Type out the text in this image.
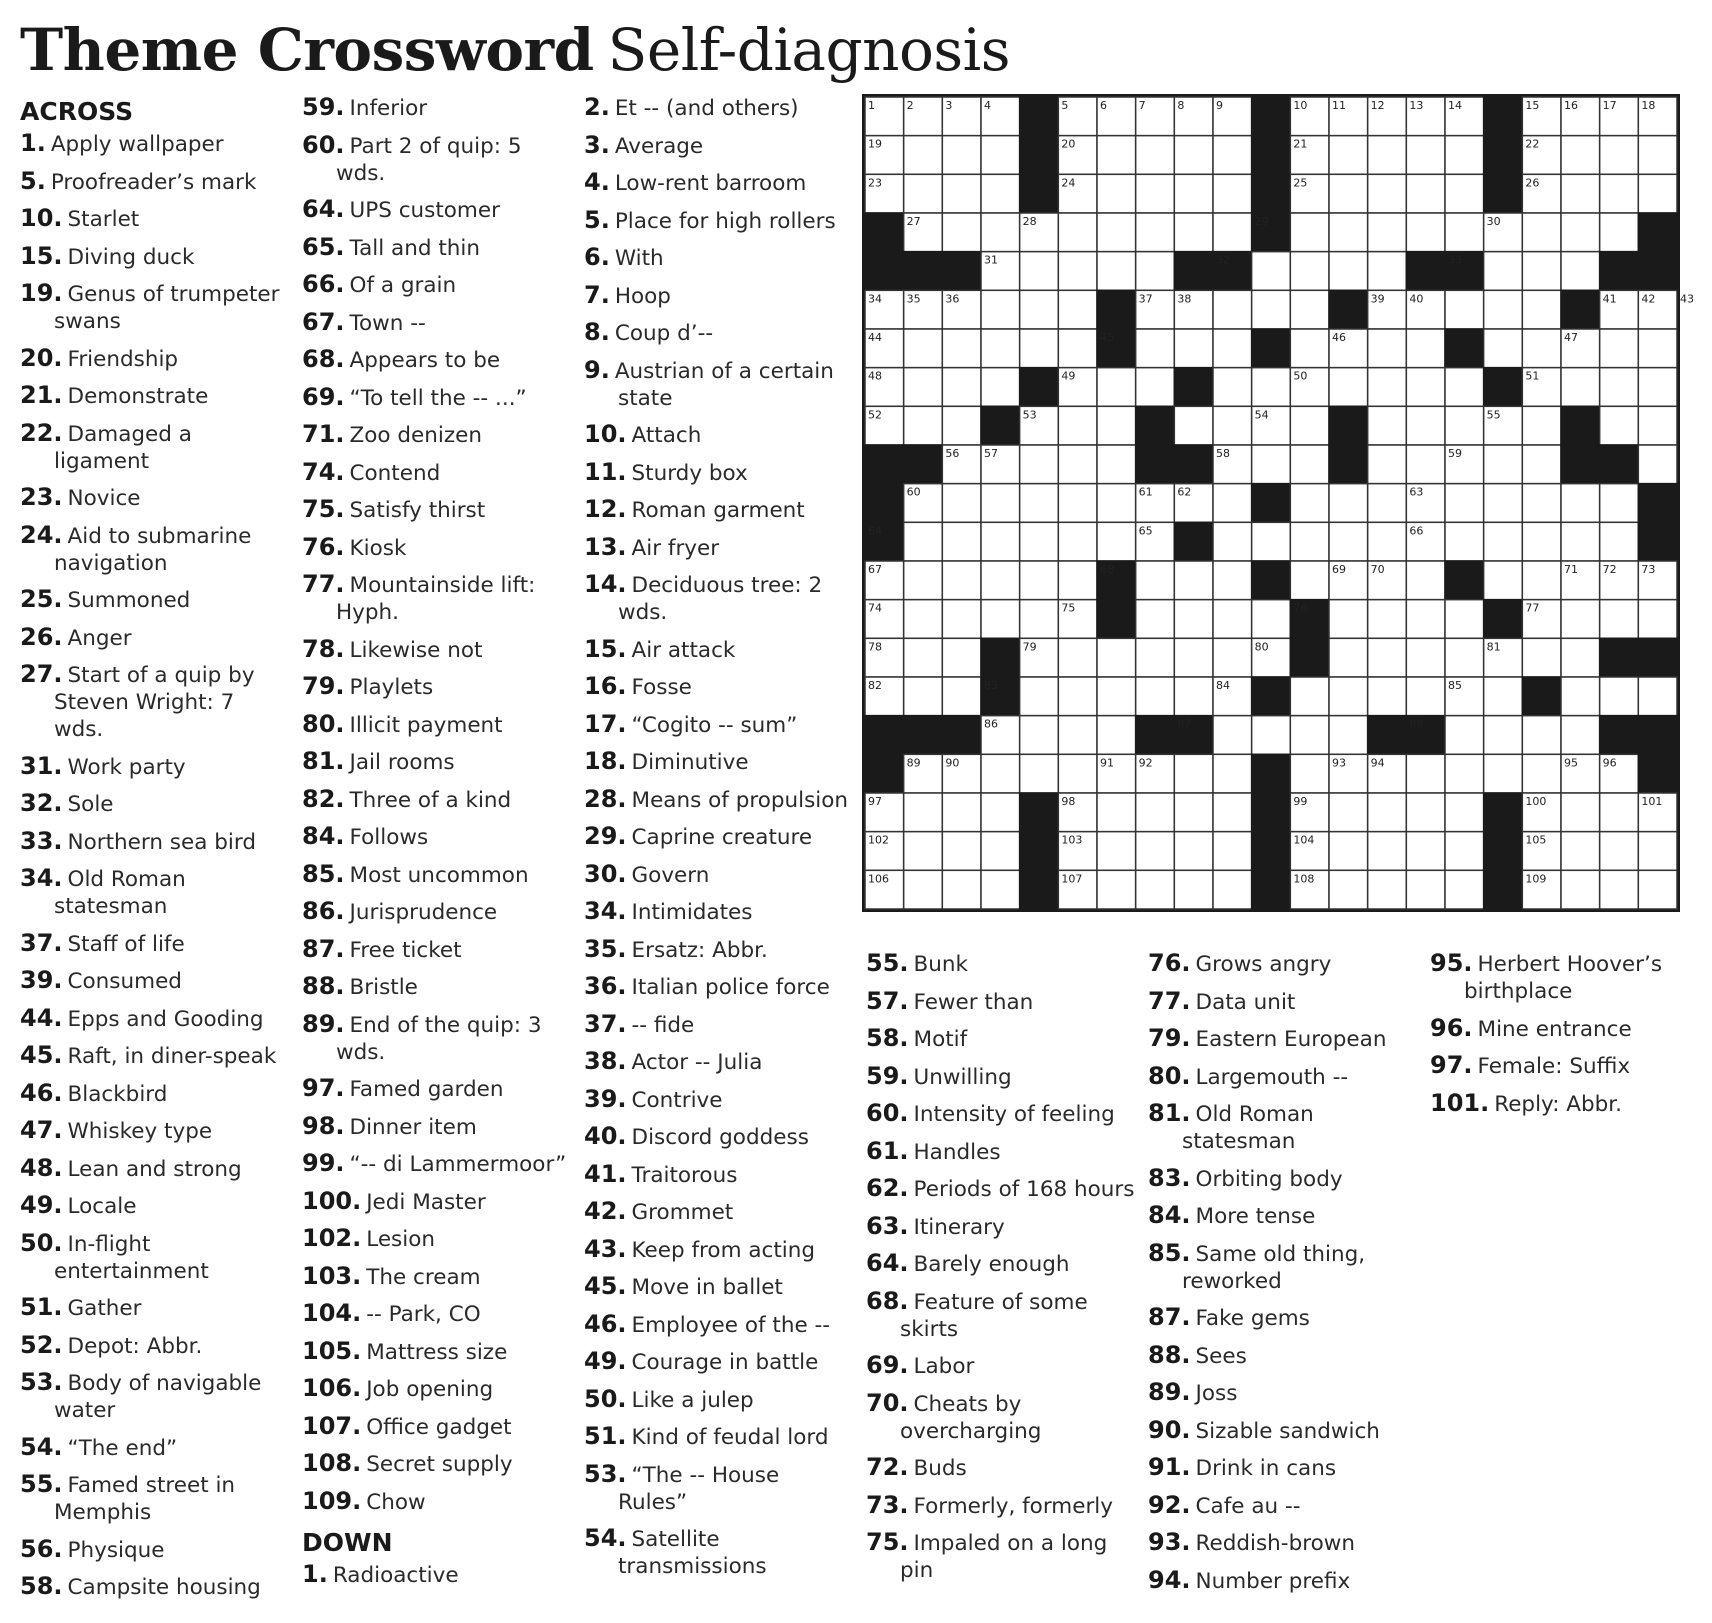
Theme Crossword Self-diagnosis
ACROSS
1. Apply wallpaper
5. Proofreader’s mark
10. Starlet
15. Diving duck
19. Genus of trumpeter swans
20. Friendship
21. Demonstrate
22. Damaged a ligament
23. Novice
24. Aid to submarine navigation
25. Summoned
26. Anger
27. Start of a quip by Steven Wright: 7 wds.
31. Work party
32. Sole
33. Northern sea bird
34. Old Roman statesman
37. Staff of life
39. Consumed
44. Epps and Gooding
45. Raft, in diner-speak
46. Blackbird
47. Whiskey type
48. Lean and strong
49. Locale
50. In-flight entertainment
51. Gather
52. Depot: Abbr.
53. Body of navigable water
54. “The end”
55. Famed street in Memphis
56. Physique
58. Campsite housing
59. Inferior
60. Part 2 of quip: 5 wds.
64. UPS customer
65. Tall and thin
66. Of a grain
67. Town --
68. Appears to be
69. “To tell the -- ...”
71. Zoo denizen
74. Contend
75. Satisfy thirst
76. Kiosk
77. Mountainside lift: Hyph.
78. Likewise not
79. Playlets
80. Illicit payment
81. Jail rooms
82. Three of a kind
84. Follows
85. Most uncommon
86. Jurisprudence
87. Free ticket
88. Bristle
89. End of the quip: 3 wds.
97. Famed garden
98. Dinner item
99. “-- di Lammermoor”
100. Jedi Master
102. Lesion
103. The cream
104. -- Park, CO
105. Mattress size
106. Job opening
107. Office gadget
108. Secret supply
109. Chow
DOWN
1. Radioactive
2. Et -- (and others)
3. Average
4. Low-rent barroom
5. Place for high rollers
6. With
7. Hoop
8. Coup d’--
9. Austrian of a certain state
10. Attach
11. Sturdy box
12. Roman garment
13. Air fryer
14. Deciduous tree: 2 wds.
15. Air attack
16. Fosse
17. “Cogito -- sum”
18. Diminutive
28. Means of propulsion
29. Caprine creature
30. Govern
34. Intimidates
35. Ersatz: Abbr.
36. Italian police force
37. -- fide
38. Actor -- Julia
39. Contrive
40. Discord goddess
41. Traitorous
42. Grommet
43. Keep from acting
45. Move in ballet
46. Employee of the --
49. Courage in battle
50. Like a julep
51. Kind of feudal lord
53. “The -- House Rules”
54. Satellite transmissions
55. Bunk
57. Fewer than
58. Motif
59. Unwilling
60. Intensity of feeling
61. Handles
62. Periods of 168 hours
63. Itinerary
64. Barely enough
68. Feature of some skirts
69. Labor
70. Cheats by overcharging
72. Buds
73. Formerly, formerly
75. Impaled on a long pin
76. Grows angry
77. Data unit
79. Eastern European
80. Largemouth --
81. Old Roman statesman
83. Orbiting body
84. More tense
85. Same old thing, reworked
87. Fake gems
88. Sees
89. Joss
90. Sizable sandwich
91. Drink in cans
92. Cafe au --
93. Reddish-brown
94. Number prefix
95. Herbert Hoover’s birthplace
96. Mine entrance
97. Female: Suffix
101. Reply: Abbr.
1	2	3	4	5	6	7	8	9	10 11 12 13 14	15 16 17 18
19	20	21	22
23	24	25	26
27	28	29	30
31	32	33
34 35 36	37 38	39 40	41 42 43
44	45	46	47
48	49	50	51
52	53	54	55
56 57	58	59
60	61 62	63
64	65	66
67	68	69 70	71 72 73
74	75	76	77
78	79	80	81
82	83	84	85
86	87	88
89 90	91 92	93 94	95 96
97	98	99	100	101
102	103	104	105
106	107	108	109
